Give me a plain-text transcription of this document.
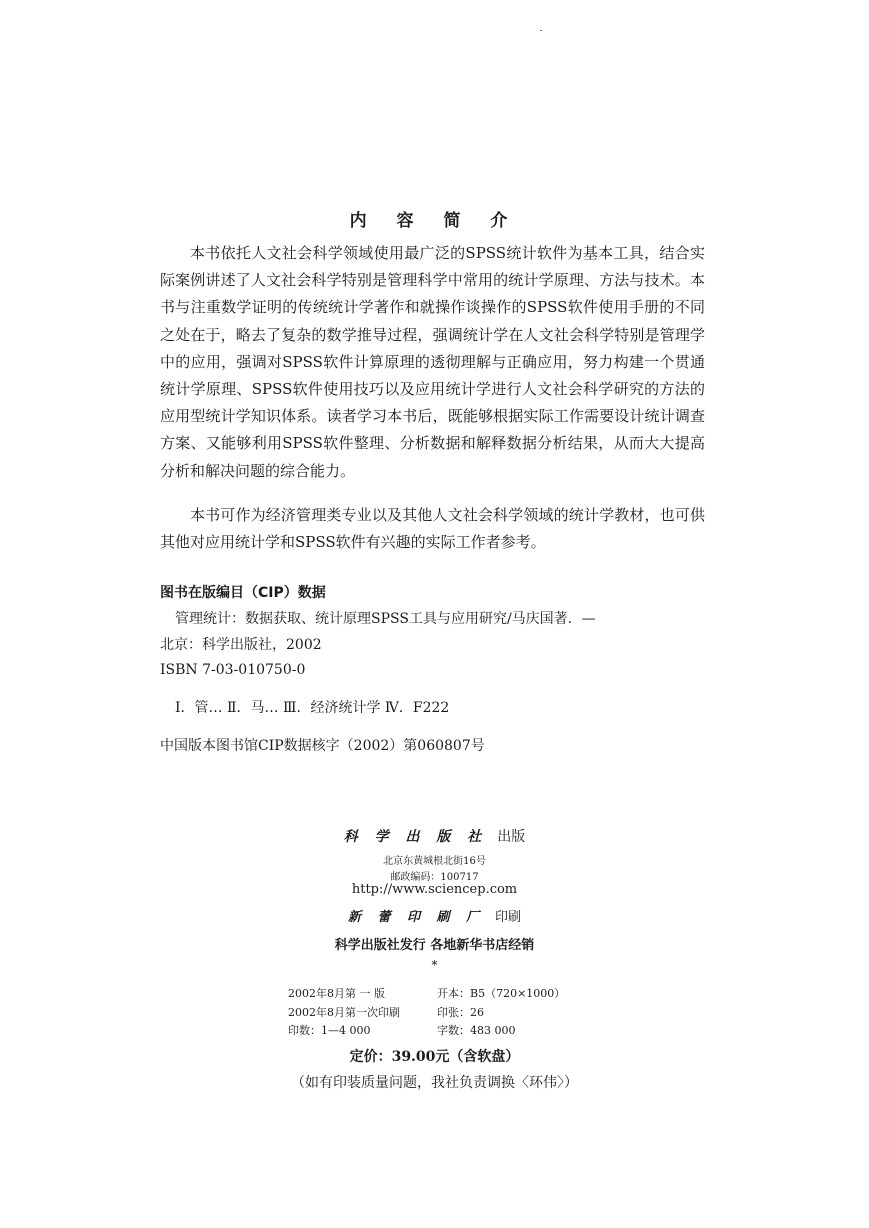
内 容 简 介

本书依托人文社会科学领域使用最广泛的SPSS统计软件为基本工具，结合实际案例讲述了人文社会科学特别是管理科学中常用的统计学原理、方法与技术。本书与注重数学证明的传统统计学著作和就操作谈操作的SPSS软件使用手册的不同之处在于，略去了复杂的数学推导过程，强调统计学在人文社会科学特别是管理学中的应用，强调对SPSS软件计算原理的透彻理解与正确应用，努力构建一个贯通统计学原理、SPSS软件使用技巧以及应用统计学进行人文社会科学研究的方法的应用型统计学知识体系。读者学习本书后，既能够根据实际工作需要设计统计调查方案、又能够利用SPSS软件整理、分析数据和解释数据分析结果，从而大大提高分析和解决问题的综合能力。

本书可作为经济管理类专业以及其他人文社会科学领域的统计学教材，也可供其他对应用统计学和SPSS软件有兴趣的实际工作者参考。

图书在版编目（CIP）数据
管理统计：数据获取、统计原理SPSS工具与应用研究/马庆国著．—
北京：科学出版社，2002
ISBN 7-03-010750-0
Ⅰ．管… Ⅱ．马… Ⅲ．经济统计学 Ⅳ．F222
中国版本图书馆CIP数据核字（2002）第060807号
科 学 出 版 社 出版
北京东黄城根北街16号
邮政编码：100717
http://www.sciencep.com
新 蕾 印 刷 厂 印刷
科学出版社发行 各地新华书店经销
*
2002年8月第 一 版	开本：B5（720×1000）
2002年8月第一次印刷	印张：26
印数：1—4 000	字数：483 000
定价：39.00元（含软盘）
（如有印装质量问题，我社负责调换〈环伟〉）
